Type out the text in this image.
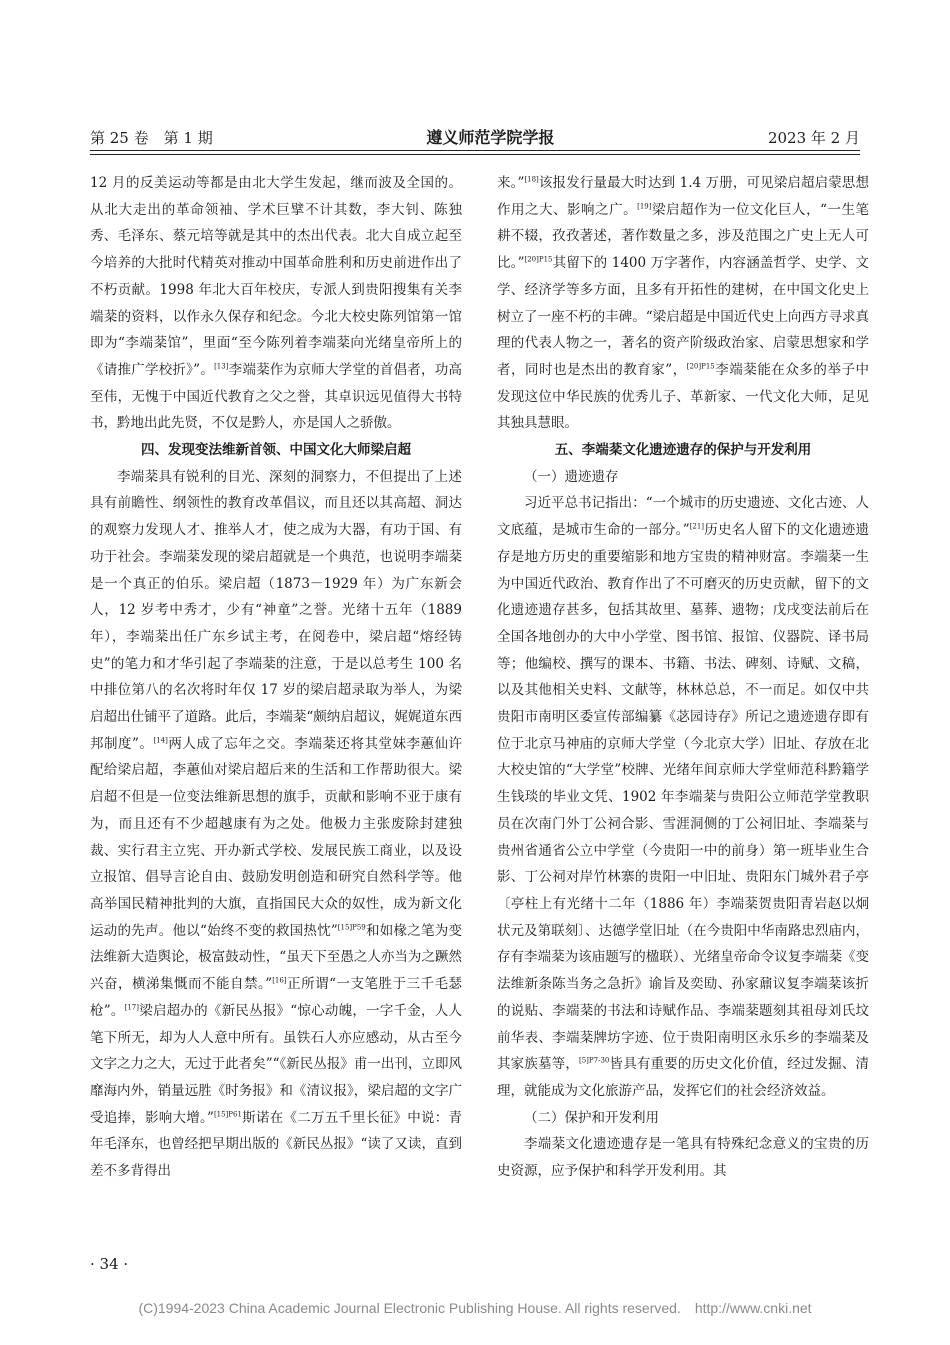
第 25 卷　第 1 期	遵义师范学院学报	2023 年 2 月

12 月的反美运动等都是由北大学生发起，继而波及全国的。从北大走出的革命领袖、学术巨擘不计其数，李大钊、陈独秀、毛泽东、蔡元培等就是其中的杰出代表。北大自成立起至今培养的大批时代精英对推动中国革命胜利和历史前进作出了不朽贡献。1998 年北大百年校庆，专派人到贵阳搜集有关李端棻的资料，以作永久保存和纪念。今北大校史陈列馆第一馆即为“李端棻馆”，里面“至今陈列着李端棻向光绪皇帝所上的《请推广学校折》”。[13]李端棻作为京师大学堂的首倡者，功高至伟，无愧于中国近代教育之父之誉，其卓识远见值得大书特书，黔地出此先贤，不仅是黔人，亦是国人之骄傲。

四、发现变法维新首领、中国文化大师梁启超

李端棻具有锐利的目光、深刻的洞察力，不但提出了上述具有前瞻性、纲领性的教育改革倡议，而且还以其高超、洞达的观察力发现人才、推举人才，使之成为大器，有功于国、有功于社会。李端棻发现的梁启超就是一个典范，也说明李端棻是一个真正的伯乐。梁启超（1873－1929 年）为广东新会人，12 岁考中秀才，少有“神童”之誉。光绪十五年（1889 年），李端棻出任广东乡试主考，在阅卷中，梁启超“熔经铸史”的笔力和才华引起了李端棻的注意，于是以总考生 100 名中排位第八的名次将时年仅 17 岁的梁启超录取为举人，为梁启超出仕铺平了道路。此后，李端棻“颇纳启超议，娓娓道东西邦制度”。[14]两人成了忘年之交。李端棻还将其堂妹李蕙仙许配给梁启超，李蕙仙对梁启超后来的生活和工作帮助很大。梁启超不但是一位变法维新思想的旗手，贡献和影响不亚于康有为，而且还有不少超越康有为之处。他极力主张废除封建独裁、实行君主立宪、开办新式学校、发展民族工商业，以及设立报馆、倡导言论自由、鼓励发明创造和研究自然科学等。他高举国民精神批判的大旗，直指国民大众的奴性，成为新文化运动的先声。他以“始终不变的救国热忱”$^{[15]P59}$和如椽之笔为变法维新大造舆论，极富鼓动性，“虽天下至愚之人亦当为之蹶然兴奋，横涕集慨而不能自禁。”[16]正所谓“一支笔胜于三千毛瑟枪”。[17]梁启超办的《新民丛报》“惊心动魄，一字千金，人人笔下所无，却为人人意中所有。虽铁石人亦应感动，从古至今文字之力之大，无过于此者矣”“《新民丛报》甫一出刊，立即风靡海内外，销量远胜《时务报》和《清议报》，梁启超的文字广受追捧，影响大增。”$^{[15]P61}$斯诺在《二万五千里长征》中说：青年毛泽东，也曾经把早期出版的《新民丛报》“读了又读，直到差不多背得出

来。”[18]该报发行量最大时达到 1.4 万册，可见梁启超启蒙思想作用之大、影响之广。[19]梁启超作为一位文化巨人，“一生笔耕不辍，孜孜著述，著作数量之多，涉及范围之广史上无人可比。”$^{[20]P15}$其留下的 1400 万字著作，内容涵盖哲学、史学、文学、经济学等多方面，且多有开拓性的建树，在中国文化史上树立了一座不朽的丰碑。“梁启超是中国近代史上向西方寻求真理的代表人物之一，著名的资产阶级政治家、启蒙思想家和学者，同时也是杰出的教育家”，$^{[20]P15}$李端棻能在众多的举子中发现这位中华民族的优秀儿子、革新家、一代文化大师，足见其独具慧眼。

五、李端棻文化遗迹遗存的保护与开发利用

（一）遗迹遗存

习近平总书记指出：“一个城市的历史遗迹、文化古迹、人文底蕴，是城市生命的一部分。”[21]历史名人留下的文化遗迹遗存是地方历史的重要缩影和地方宝贵的精神财富。李端棻一生为中国近代政治、教育作出了不可磨灭的历史贡献，留下的文化遗迹遗存甚多，包括其故里、墓葬、遗物；戊戌变法前后在全国各地创办的大中小学堂、图书馆、报馆、仪器院、译书局等；他编校、撰写的课本、书籍、书法、碑刻、诗赋、文稿，以及其他相关史料、文献等，林林总总，不一而足。如仅中共贵阳市南明区委宣传部编纂《苾园诗存》所记之遗迹遗存即有位于北京马神庙的京师大学堂（今北京大学）旧址、存放在北大校史馆的“大学堂”校牌、光绪年间京师大学堂师范科黔籍学生钱琰的毕业文凭、1902 年李端棻与贵阳公立师范学堂教职员在次南门外丁公祠合影、雪涯洞侧的丁公祠旧址、李端棻与贵州省通省公立中学堂（今贵阳一中的前身）第一班毕业生合影、丁公祠对岸竹林寨的贵阳一中旧址、贵阳东门城外君子亭〔亭柱上有光绪十二年（1886 年）李端棻贺贵阳青岩赵以炯状元及第联刻〕、达德学堂旧址（在今贵阳中华南路忠烈庙内，存有李端棻为该庙题写的楹联）、光绪皇帝命令议复李端棻《变法维新条陈当务之急折》谕旨及奕劻、孙家鼐议复李端棻该折的说贴、李端棻的书法和诗赋作品、李端棻题刻其祖母刘氏坟前华表、李端棻牌坊字迹、位于贵阳南明区永乐乡的李端棻及其家族墓等，$^{[5]P7-30}$皆具有重要的历史文化价值，经过发掘、清理，就能成为文化旅游产品，发挥它们的社会经济效益。

（二）保护和开发利用

李端棻文化遗迹遗存是一笔具有特殊纪念意义的宝贵的历史资源，应予保护和科学开发利用。其

· 34 ·
(C)1994-2023 China Academic Journal Electronic Publishing House. All rights reserved.　http://www.cnki.net
